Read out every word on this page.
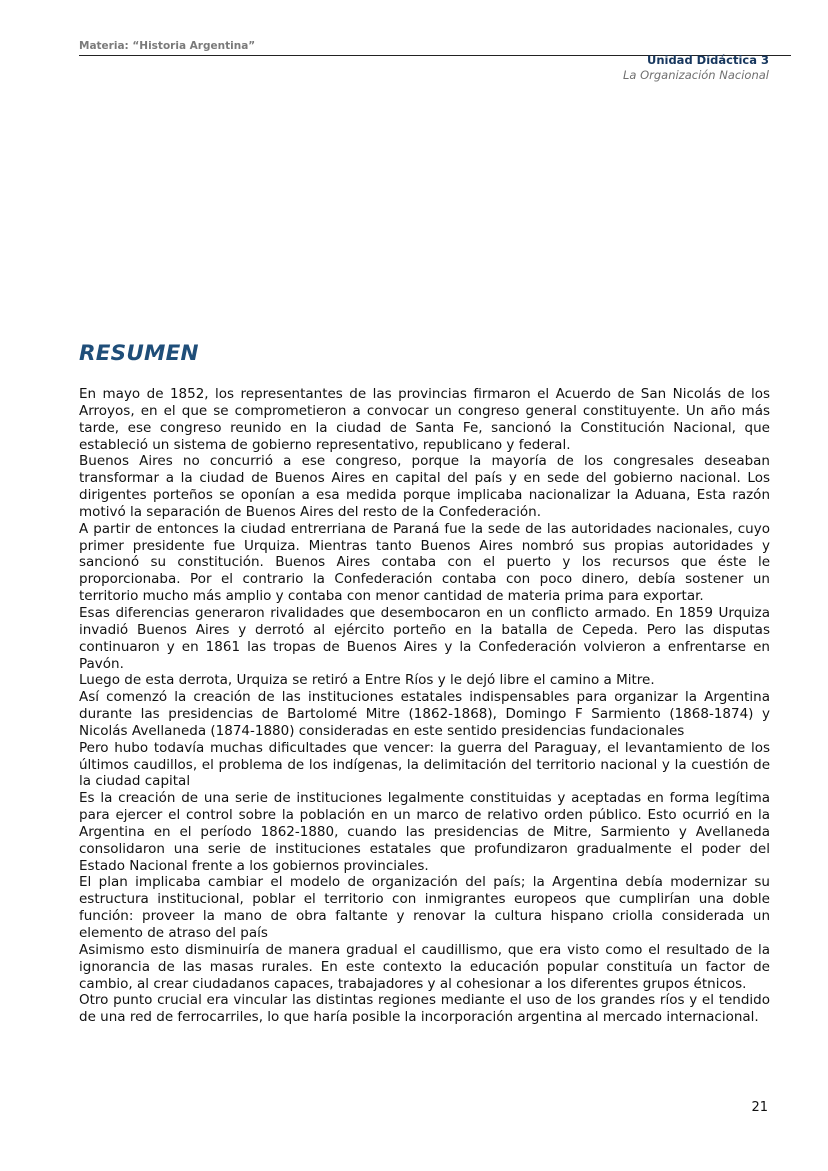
Materia: “Historia Argentina”
Unidad Didáctica 3
La Organización Nacional
RESUMEN

En mayo de 1852, los representantes de las provincias firmaron el Acuerdo de San Nicolás de los Arroyos, en el que se comprometieron a convocar un congreso general constituyente. Un año más tarde, ese congreso reunido en la ciudad de Santa Fe, sancionó la Constitución Nacional, que estableció un sistema de gobierno representativo, republicano y federal.

Buenos Aires no concurrió a ese congreso, porque la mayoría de los congresales deseaban transformar a la ciudad de Buenos Aires en capital del país y en sede del gobierno nacional. Los dirigentes porteños se oponían a esa medida porque implicaba nacionalizar la Aduana, Esta razón motivó la separación de Buenos Aires del resto de la Confederación.

A partir de entonces la ciudad entrerriana de Paraná fue la sede de las autoridades nacionales, cuyo primer presidente fue Urquiza. Mientras tanto Buenos Aires nombró sus propias autoridades y sancionó su constitución. Buenos Aires contaba con el puerto y los recursos que éste le proporcionaba. Por el contrario la Confederación contaba con poco dinero, debía sostener un territorio mucho más amplio y contaba con menor cantidad de materia prima para exportar.

Esas diferencias generaron rivalidades que desembocaron en un conflicto armado. En 1859 Urquiza invadió Buenos Aires y derrotó al ejército porteño en la batalla de Cepeda. Pero las disputas continuaron y en 1861 las tropas de Buenos Aires y la Confederación volvieron a enfrentarse en Pavón.

Luego de esta derrota, Urquiza se retiró a Entre Ríos y le dejó libre el camino a Mitre.

Así comenzó la creación de las instituciones estatales indispensables para organizar la Argentina durante las presidencias de Bartolomé Mitre (1862-1868), Domingo F Sarmiento (1868-1874) y Nicolás Avellaneda (1874-1880) consideradas en este sentido presidencias fundacionales

Pero hubo todavía muchas dificultades que vencer: la guerra del Paraguay, el levantamiento de los últimos caudillos, el problema de los indígenas, la delimitación del territorio nacional y la cuestión de la ciudad capital

Es la creación de una serie de instituciones legalmente constituidas y aceptadas en forma legítima para ejercer el control sobre la población en un marco de relativo orden público. Esto ocurrió en la Argentina en el período 1862-1880, cuando las presidencias de Mitre, Sarmiento y Avellaneda consolidaron una serie de instituciones estatales que profundizaron gradualmente el poder del Estado Nacional frente a los gobiernos provinciales.

El plan implicaba cambiar el modelo de organización del país; la Argentina debía modernizar su estructura institucional, poblar el territorio con inmigrantes europeos que cumplirían una doble función: proveer la mano de obra faltante y renovar la cultura hispano criolla considerada un elemento de atraso del país

Asimismo esto disminuiría de manera gradual el caudillismo, que era visto como el resultado de la ignorancia de las masas rurales. En este contexto la educación popular constituía un factor de cambio, al crear ciudadanos capaces, trabajadores y al cohesionar a los diferentes grupos étnicos.

Otro punto crucial era vincular las distintas regiones mediante el uso de los grandes ríos y el tendido de una red de ferrocarriles, lo que haría posible la incorporación argentina al mercado internacional.

21
